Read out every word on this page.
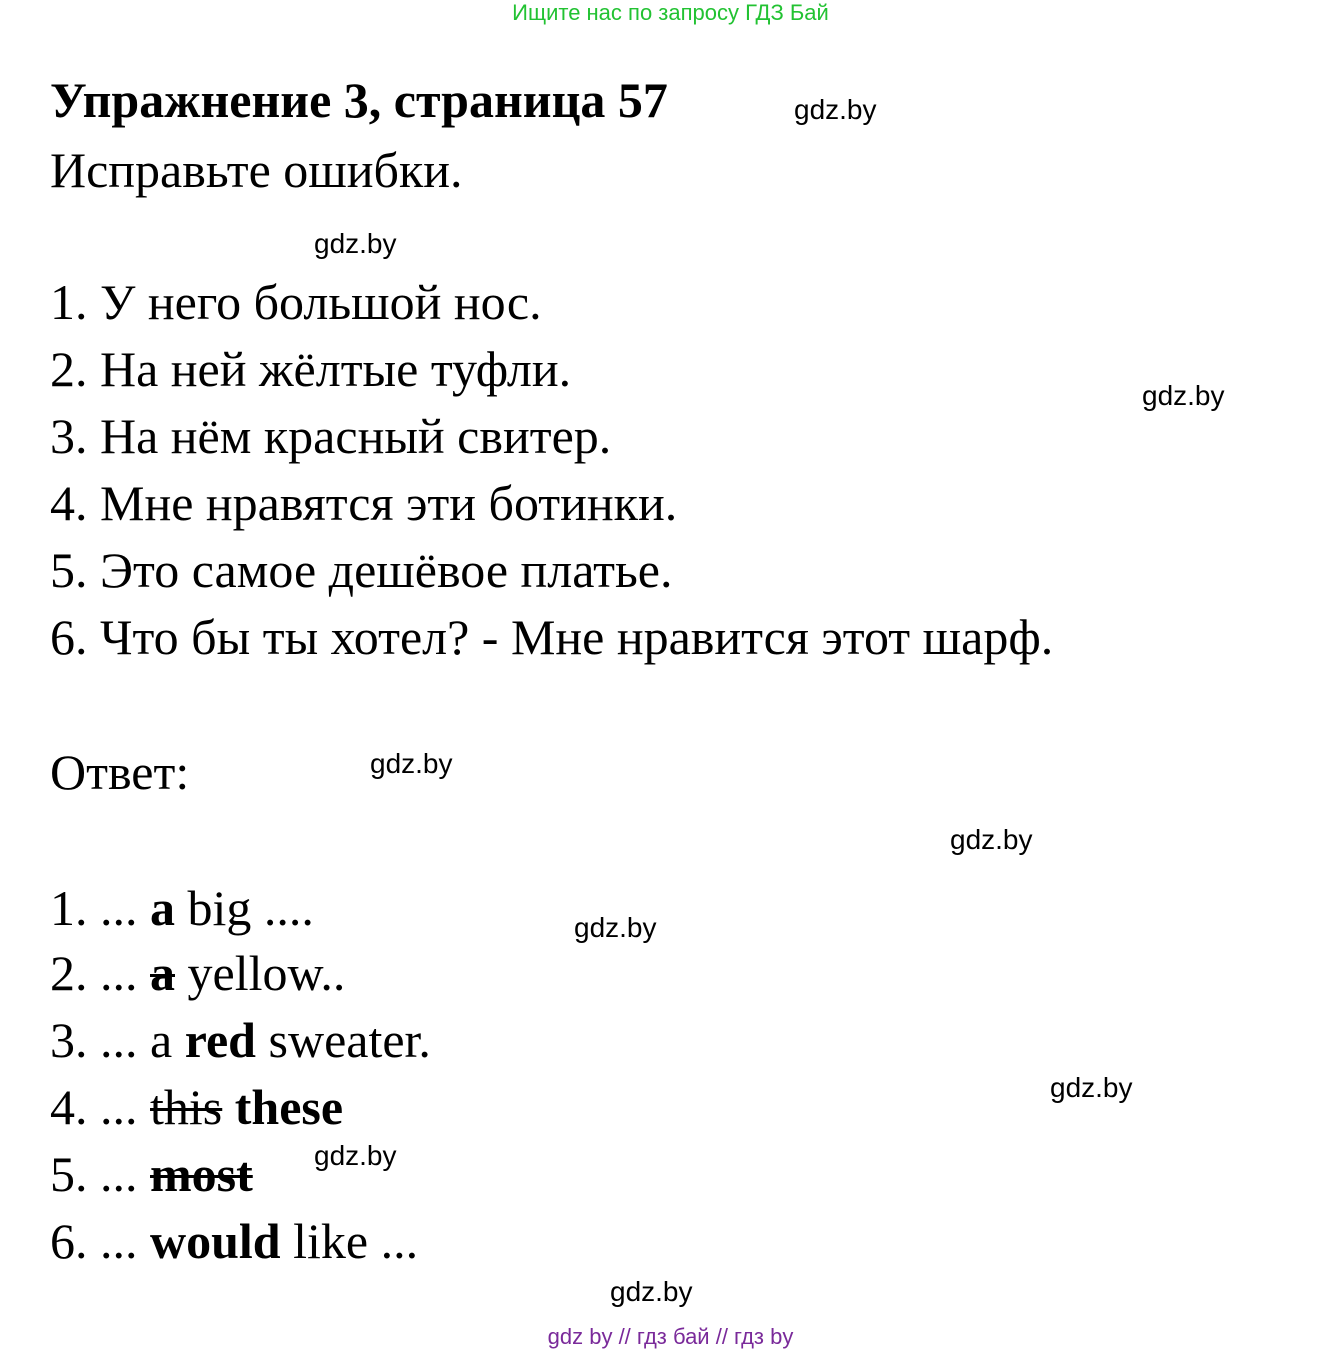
Ищите нас по запросу ГДЗ Бай
Упражнение 3, страница 57	gdz.by
Исправьте ошибки.
gdz.by
1. У него большой нос.
2. На ней жёлтые туфли.	gdz.by
3. На нём красный свитер.
4. Мне нравятся эти ботинки.
5. Это самое дешёвое платье.
6. Что бы ты хотел? - Мне нравится этот шарф.
Ответ:	gdz.by
gdz.by
1. ... a big ....	gdz.by
2. ... a yellow..
3. ... a red sweater.
gdz.by
4. ... this these
5. ... most gdz.by
6. ... would like ...
gdz.by
gdz by // гдз бай // гдз by
